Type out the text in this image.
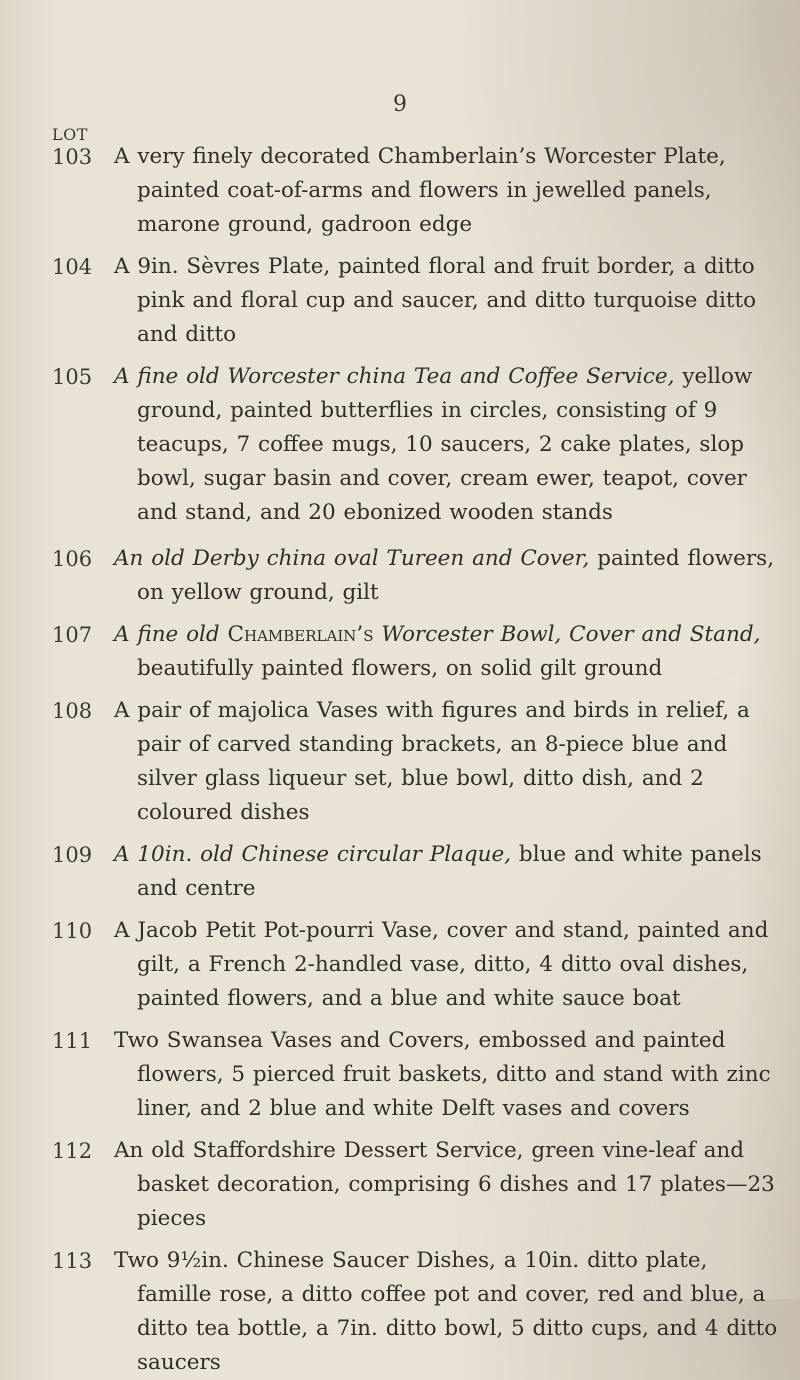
9
LOT
103	A very finely decorated Chamberlain’s Worcester Plate, painted coat-of-arms and flowers in jewelled panels, marone ground, gadroon edge
104	A 9in. Sèvres Plate, painted floral and fruit border, a ditto pink and floral cup and saucer, and ditto turquoise ditto and ditto
105	A fine old Worcester china Tea and Coffee Service, yellow ground, painted butterflies in circles, consisting of 9 teacups, 7 coffee mugs, 10 saucers, 2 cake plates, slop bowl, sugar basin and cover, cream ewer, teapot, cover and stand, and 20 ebonized wooden stands
106	An old Derby china oval Tureen and Cover, painted flowers, on yellow ground, gilt
107	A fine old Chamberlain’s Worcester Bowl, Cover and Stand, beautifully painted flowers, on solid gilt ground
108	A pair of majolica Vases with figures and birds in relief, a pair of carved standing brackets, an 8-piece blue and silver glass liqueur set, blue bowl, ditto dish, and 2 coloured dishes
109	A 10in. old Chinese circular Plaque, blue and white panels and centre
110	A Jacob Petit Pot-pourri Vase, cover and stand, painted and gilt, a French 2-handled vase, ditto, 4 ditto oval dishes, painted flowers, and a blue and white sauce boat
111	Two Swansea Vases and Covers, embossed and painted flowers, 5 pierced fruit baskets, ditto and stand with zinc liner, and 2 blue and white Delft vases and covers
112	An old Staffordshire Dessert Service, green vine-leaf and basket decoration, comprising 6 dishes and 17 plates—23 pieces
113	Two 9½in. Chinese Saucer Dishes, a 10in. ditto plate, famille rose, a ditto coffee pot and cover, red and blue, a ditto tea bottle, a 7in. ditto bowl, 5 ditto cups, and 4 ditto saucers
